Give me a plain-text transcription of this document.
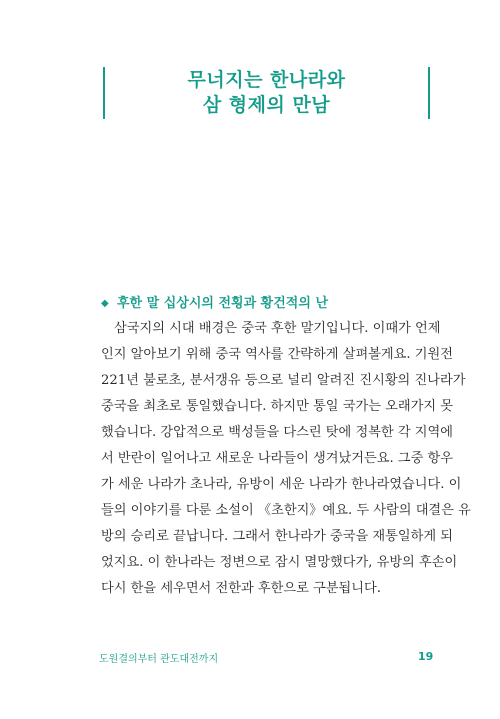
무너지는 한나라와
삼 형제의 만남
◆ 후한 말 십상시의 전횡과 황건적의 난
삼국지의 시대 배경은 중국 후한 말기입니다. 이때가 언제
인지 알아보기 위해 중국 역사를 간략하게 살펴볼게요. 기원전
221년 불로초, 분서갱유 등으로 널리 알려진 진시황의 진나라가
중국을 최초로 통일했습니다. 하지만 통일 국가는 오래가지 못
했습니다. 강압적으로 백성들을 다스린 탓에 정복한 각 지역에
서 반란이 일어나고 새로운 나라들이 생겨났거든요. 그중 항우
가 세운 나라가 초나라, 유방이 세운 나라가 한나라였습니다. 이
들의 이야기를 다룬 소설이 《초한지》예요. 두 사람의 대결은 유
방의 승리로 끝납니다. 그래서 한나라가 중국을 재통일하게 되
었지요. 이 한나라는 정변으로 잠시 멸망했다가, 유방의 후손이
다시 한을 세우면서 전한과 후한으로 구분됩니다.
도원결의부터 관도대전까지	19
